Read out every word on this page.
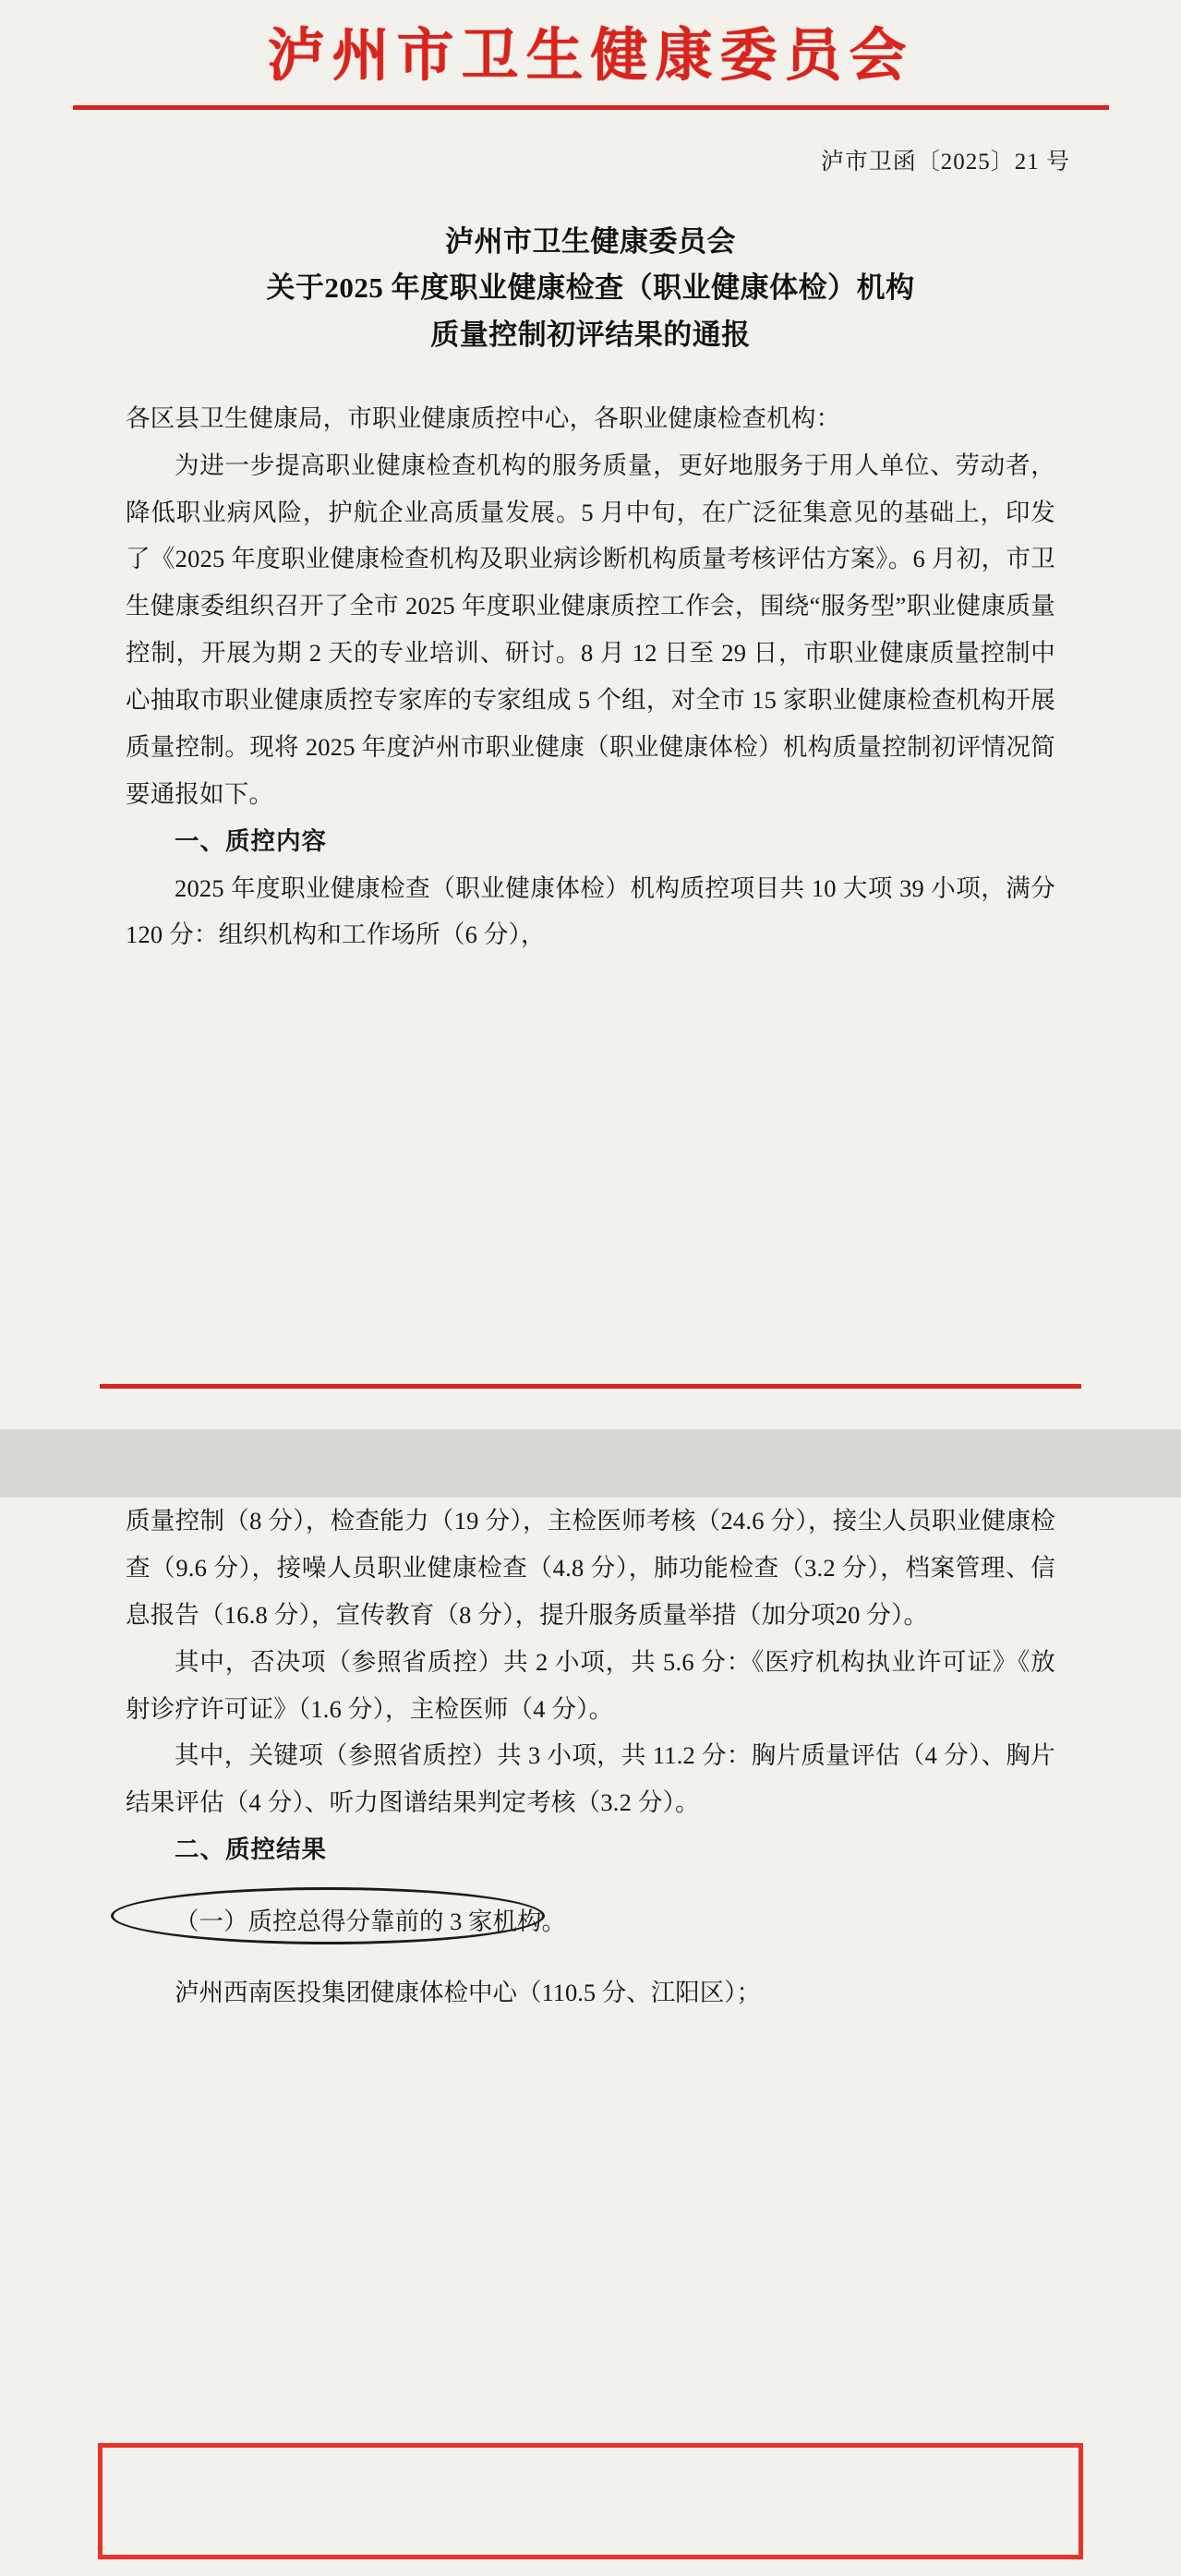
泸州市卫生健康委员会
泸市卫函〔2025〕21 号
泸州市卫生健康委员会
关于2025 年度职业健康检查（职业健康体检）机构
质量控制初评结果的通报

各区县卫生健康局，市职业健康质控中心，各职业健康检查机构：

为进一步提高职业健康检查机构的服务质量，更好地服务于用人单位、劳动者，降低职业病风险，护航企业高质量发展。5 月中旬，在广泛征集意见的基础上，印发了《2025 年度职业健康检查机构及职业病诊断机构质量考核评估方案》。6 月初，市卫生健康委组织召开了全市 2025 年度职业健康质控工作会，围绕“服务型”职业健康质量控制，开展为期 2 天的专业培训、研讨。8 月 12 日至 29 日，市职业健康质量控制中心抽取市职业健康质控专家库的专家组成 5 个组，对全市 15 家职业健康检查机构开展质量控制。现将 2025 年度泸州市职业健康（职业健康体检）机构质量控制初评情况简要通报如下。

一、质控内容

2025 年度职业健康检查（职业健康体检）机构质控项目共 10 大项 39 小项，满分 120 分：组织机构和工作场所（6 分），

质量控制（8 分），检查能力（19 分），主检医师考核（24.6 分），接尘人员职业健康检查（9.6 分），接噪人员职业健康检查（4.8 分），肺功能检查（3.2 分），档案管理、信息报告（16.8 分），宣传教育（8 分），提升服务质量举措（加分项20 分）。

其中，否决项（参照省质控）共 2 小项，共 5.6 分：《医疗机构执业许可证》《放射诊疗许可证》（1.6 分），主检医师（4 分）。

其中，关键项（参照省质控）共 3 小项，共 11.2 分：胸片质量评估（4 分）、胸片结果评估（4 分）、听力图谱结果判定考核（3.2 分）。

二、质控结果

（一）质控总得分靠前的 3 家机构。

泸州西南医投集团健康体检中心（110.5 分、江阳区）；
